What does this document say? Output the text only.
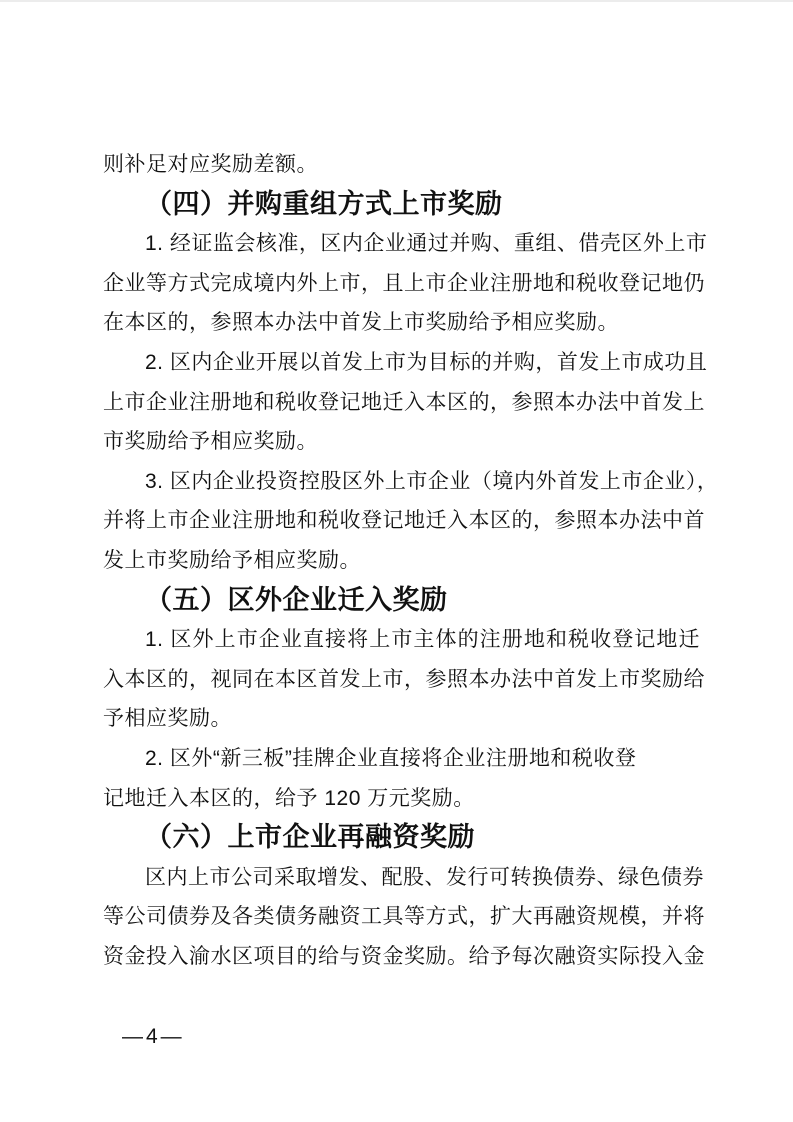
则补足对应奖励差额。
（四）并购重组方式上市奖励
1. 经证监会核准，区内企业通过并购、重组、借壳区外上市
企业等方式完成境内外上市，且上市企业注册地和税收登记地仍
在本区的，参照本办法中首发上市奖励给予相应奖励。
2. 区内企业开展以首发上市为目标的并购，首发上市成功且
上市企业注册地和税收登记地迁入本区的，参照本办法中首发上
市奖励给予相应奖励。
3. 区内企业投资控股区外上市企业（境内外首发上市企业），
并将上市企业注册地和税收登记地迁入本区的，参照本办法中首
发上市奖励给予相应奖励。
（五）区外企业迁入奖励
1. 区外上市企业直接将上市主体的注册地和税收登记地迁
入本区的，视同在本区首发上市，参照本办法中首发上市奖励给
予相应奖励。
2. 区外“新三板”挂牌企业直接将企业注册地和税收登
记地迁入本区的，给予 120 万元奖励。
（六）上市企业再融资奖励
区内上市公司采取增发、配股、发行可转换债券、绿色债券
等公司债券及各类债务融资工具等方式，扩大再融资规模，并将
资金投入渝水区项目的给与资金奖励。给予每次融资实际投入金
—4—
